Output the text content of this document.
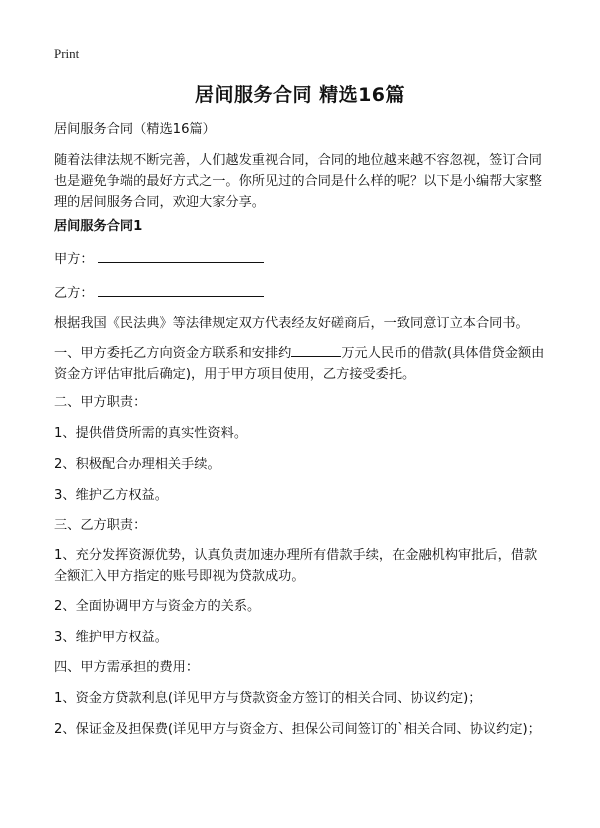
Print
居间服务合同 精选16篇
居间服务合同（精选16篇）
随着法律法规不断完善，人们越发重视合同，合同的地位越来越不容忽视，签订合同也是避免争端的最好方式之一。你所见过的合同是什么样的呢？以下是小编帮大家整理的居间服务合同，欢迎大家分享。
居间服务合同1
甲方：
乙方：
根据我国《民法典》等法律规定双方代表经友好磋商后，一致同意订立本合同书。
一、甲方委托乙方向资金方联系和安排约	万元人民币的借款(具体借贷金额由资金方评估审批后确定)，用于甲方项目使用，乙方接受委托。
二、甲方职责：
1、提供借贷所需的真实性资料。
2、积极配合办理相关手续。
3、维护乙方权益。
三、乙方职责：
1、充分发挥资源优势，认真负责加速办理所有借款手续，在金融机构审批后，借款全额汇入甲方指定的账号即视为贷款成功。
2、全面协调甲方与资金方的关系。
3、维护甲方权益。
四、甲方需承担的费用：
1、资金方贷款利息(详见甲方与贷款资金方签订的相关合同、协议约定)；
2、保证金及担保费(详见甲方与资金方、担保公司间签订的`相关合同、协议约定)；
